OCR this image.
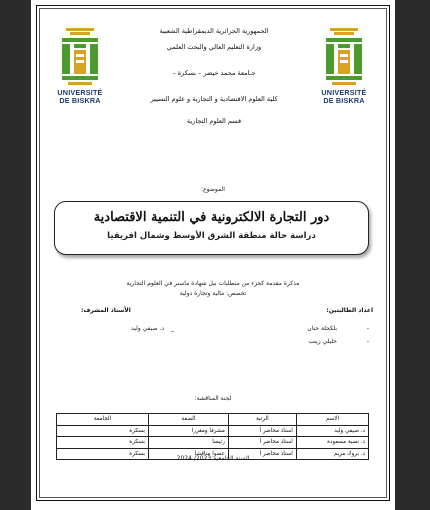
الجمهورية الجزائرية الديمقراطية الشعبية
وزارة التعليم العالي والبحث العلمي
جـامعة محمد خيضر – بسكرة –
كلية العلوم الاقتصادية و التجارية و علوم التسيير
قسم العلوم التجارية
UNIVERSITÉ
DE BISKRA
UNIVERSITÉ
DE BISKRA
الموضوع:
دور التجارة الالكترونية في التنمية الاقتصادية
دراسة حالة منطقة الشرق الأوسط وشمال افريقيا
مذكرة مقدمة كجزء من متطلبات نيل شهادة ماستر في العلوم التجارية
تخصص: مالية وتجارة دولية
اعداد الطالبتين:
الأستاذ المشرف:
-
بلكحلة حنان
-
خليلي زينب
_
د. صيفي وليد
لجنة المناقشة:
الاسم	الرتبة	الصفة	الجامعة
د. صيفي وليد	استاذ محاضر أ	مشرفا ومقررا	بسكرة
د. نصبة مسعودة	استاذ محاضر أ	رئيسا	بسكرة
د. بروك مريم	استاذ محاضر أ	عضوا مناقشا	بسكرة
السنة الجامعية:2023/ 2024
